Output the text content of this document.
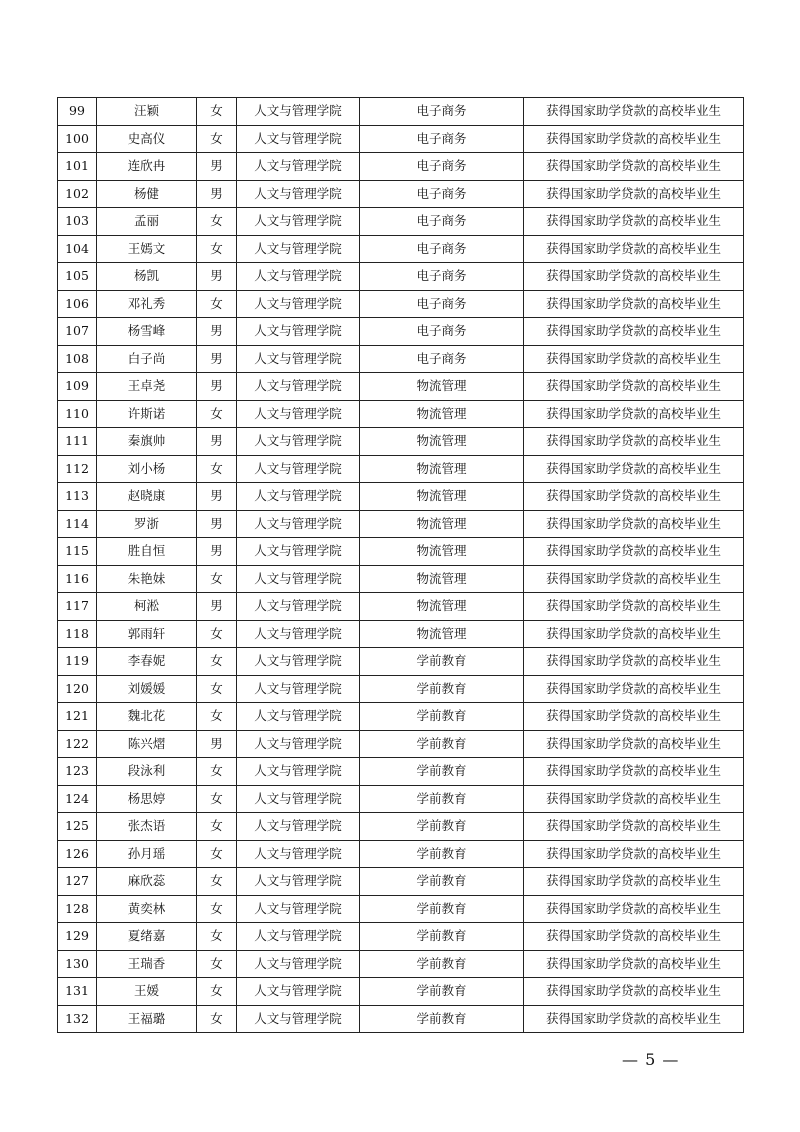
99	汪颖	女	人文与管理学院	电子商务	获得国家助学贷款的高校毕业生
100	史高仪	女	人文与管理学院	电子商务	获得国家助学贷款的高校毕业生
101	连欣冉	男	人文与管理学院	电子商务	获得国家助学贷款的高校毕业生
102	杨健	男	人文与管理学院	电子商务	获得国家助学贷款的高校毕业生
103	孟丽	女	人文与管理学院	电子商务	获得国家助学贷款的高校毕业生
104	王嫣文	女	人文与管理学院	电子商务	获得国家助学贷款的高校毕业生
105	杨凯	男	人文与管理学院	电子商务	获得国家助学贷款的高校毕业生
106	邓礼秀	女	人文与管理学院	电子商务	获得国家助学贷款的高校毕业生
107	杨雪峰	男	人文与管理学院	电子商务	获得国家助学贷款的高校毕业生
108	白子尚	男	人文与管理学院	电子商务	获得国家助学贷款的高校毕业生
109	王卓尧	男	人文与管理学院	物流管理	获得国家助学贷款的高校毕业生
110	许斯诺	女	人文与管理学院	物流管理	获得国家助学贷款的高校毕业生
111	秦旗帅	男	人文与管理学院	物流管理	获得国家助学贷款的高校毕业生
112	刘小杨	女	人文与管理学院	物流管理	获得国家助学贷款的高校毕业生
113	赵晓康	男	人文与管理学院	物流管理	获得国家助学贷款的高校毕业生
114	罗浙	男	人文与管理学院	物流管理	获得国家助学贷款的高校毕业生
115	胜自恒	男	人文与管理学院	物流管理	获得国家助学贷款的高校毕业生
116	朱艳妹	女	人文与管理学院	物流管理	获得国家助学贷款的高校毕业生
117	柯淞	男	人文与管理学院	物流管理	获得国家助学贷款的高校毕业生
118	郭雨轩	女	人文与管理学院	物流管理	获得国家助学贷款的高校毕业生
119	李春妮	女	人文与管理学院	学前教育	获得国家助学贷款的高校毕业生
120	刘媛媛	女	人文与管理学院	学前教育	获得国家助学贷款的高校毕业生
121	魏北花	女	人文与管理学院	学前教育	获得国家助学贷款的高校毕业生
122	陈兴熠	男	人文与管理学院	学前教育	获得国家助学贷款的高校毕业生
123	段泳利	女	人文与管理学院	学前教育	获得国家助学贷款的高校毕业生
124	杨思婷	女	人文与管理学院	学前教育	获得国家助学贷款的高校毕业生
125	张杰语	女	人文与管理学院	学前教育	获得国家助学贷款的高校毕业生
126	孙月瑶	女	人文与管理学院	学前教育	获得国家助学贷款的高校毕业生
127	麻欣蕊	女	人文与管理学院	学前教育	获得国家助学贷款的高校毕业生
128	黄奕林	女	人文与管理学院	学前教育	获得国家助学贷款的高校毕业生
129	夏绪嘉	女	人文与管理学院	学前教育	获得国家助学贷款的高校毕业生
130	王瑞香	女	人文与管理学院	学前教育	获得国家助学贷款的高校毕业生
131	王媛	女	人文与管理学院	学前教育	获得国家助学贷款的高校毕业生
132	王福璐	女	人文与管理学院	学前教育	获得国家助学贷款的高校毕业生
— 5 —
